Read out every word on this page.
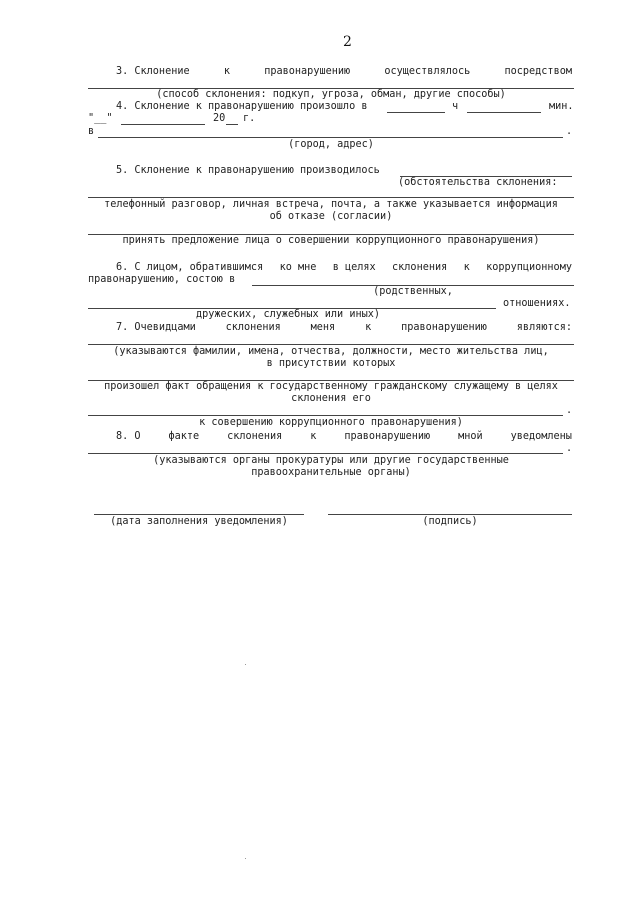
2
3. Склонение	к	правонарушению	осуществлялось	посредством
(способ склонения: подкуп, угроза, обман, другие способы)
4. Склонение к правонарушению произошло в	ч	мин.
"__"	20 г.
в	.
(город, адрес)
5. Склонение к правонарушению производилось
(обстоятельства склонения:
телефонный разговор, личная встреча, почта, а также указывается информация
об отказе (согласии)
принять предложение лица о совершении коррупционного правонарушения)
6. С лицом, обратившимся ко мне в целях склонения к коррупционному
правонарушению, состою в
(родственных,
отношениях.
дружеских, служебных или иных)
7. Очевидцами	склонения	меня	к	правонарушению	являются:
(указываются фамилии, имена, отчества, должности, место жительства лиц,
в присутствии которых
произошел факт обращения к государственному гражданскому служащему в целях
склонения его
.
к совершению коррупционного правонарушения)
8. О	факте	склонения	к	правонарушению	мной	уведомлены
.
(указываются органы прокуратуры или другие государственные
правоохранительные органы)
(дата заполнения уведомления)	(подпись)
